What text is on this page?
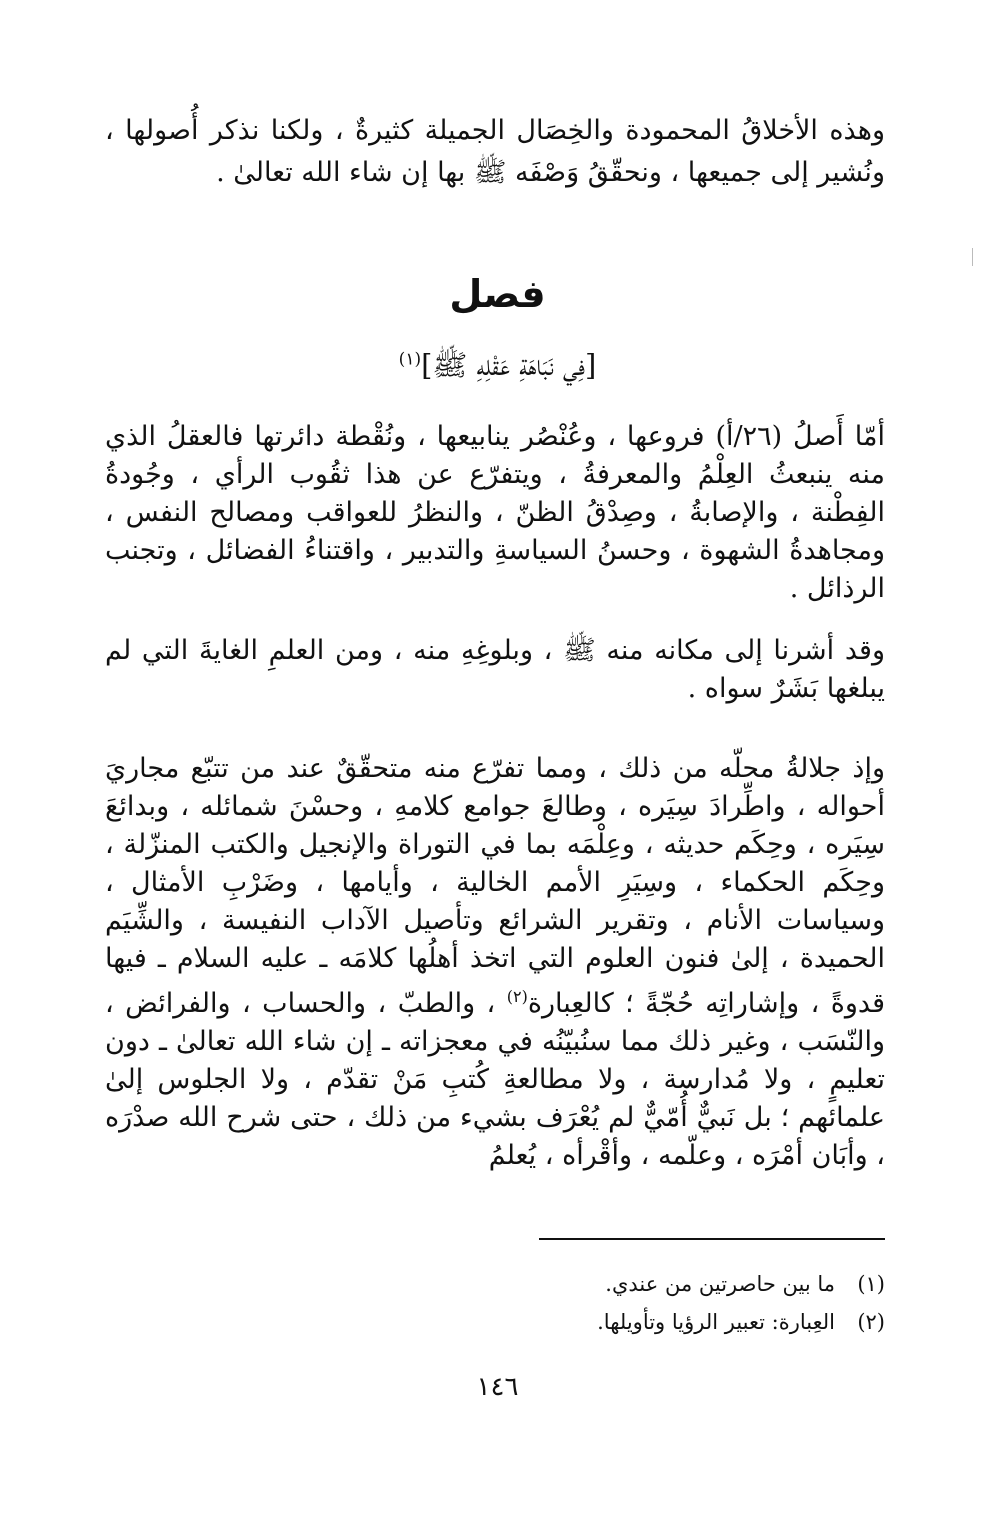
وهذه الأخلاقُ المحمودة والخِصَال الجميلة كثيرةٌ ، ولكنا نذكر أُصولها ، ونُشير إلى جميعها ، ونحقّقُ وَصْفَه ﷺ بها إن شاء الله تعالىٰ .

فصل
[فِي نَبَاهَةِ عَقْلِهِ ﷺ]$^{(١)}$

أمّا أَصلُ (٢٦/أ) فروعها ، وعُنْصُر ينابيعها ، ونُقْطة دائرتها فالعقلُ الذي منه ينبعثُ العِلْمُ والمعرفةُ ، ويتفرّع عن هذا ثقُوب الرأي ، وجُودةُ الفِطْنة ، والإصابةُ ، وصِدْقُ الظنّ ، والنظرُ للعواقب ومصالح النفس ، ومجاهدةُ الشهوة ، وحسنُ السياسةِ والتدبير ، واقتناءُ الفضائل ، وتجنب الرذائل .

وقد أشرنا إلى مكانه منه ﷺ ، وبلوغِهِ منه ، ومن العلمِ الغايةَ التي لم يبلغها بَشَرٌ سواه .

وإذ جلالةُ محلّه من ذلك ، ومما تفرّع منه متحقّقٌ عند من تتبّع مجاريَ أحواله ، واطِّرادَ سِيَره ، وطالعَ جوامع كلامهِ ، وحسْنَ شمائله ، وبدائعَ سِيَره ، وحِكَم حديثه ، وعِلْمَه بما في التوراة والإنجيل والكتب المنزّلة ، وحِكَم الحكماء ، وسِيَرِ الأمم الخالية ، وأيامها ، وضَرْبِ الأمثال ، وسياسات الأنام ، وتقرير الشرائع وتأصيل الآداب النفيسة ، والشِّيَم الحميدة ، إلىٰ فنون العلوم التي اتخذ أهلُها كلامَه ـ عليه السلام ـ فيها قدوةً ، وإشاراتِه حُجّةً ؛ كالعِبارة$^{(٢)}$ ، والطبّ ، والحساب ، والفرائض ، والنّسَب ، وغير ذلك مما سنُبيّنُه في معجزاته ـ إن شاء الله تعالىٰ ـ دون تعليمٍ ، ولا مُدارسة ، ولا مطالعةِ كُتبِ مَنْ تقدّم ، ولا الجلوس إلىٰ علمائهم ؛ بل نَبيٌّ أُمّيٌّ لم يُعْرَف بشيء من ذلك ، حتى شرح الله صدْرَه ، وأبَان أمْرَه ، وعلّمه ، وأقْرأه ، يُعلمُ

(١)ما بين حاصرتين من عندي.
(٢)العِبارة: تعبير الرؤيا وتأويلها.
١٤٦
